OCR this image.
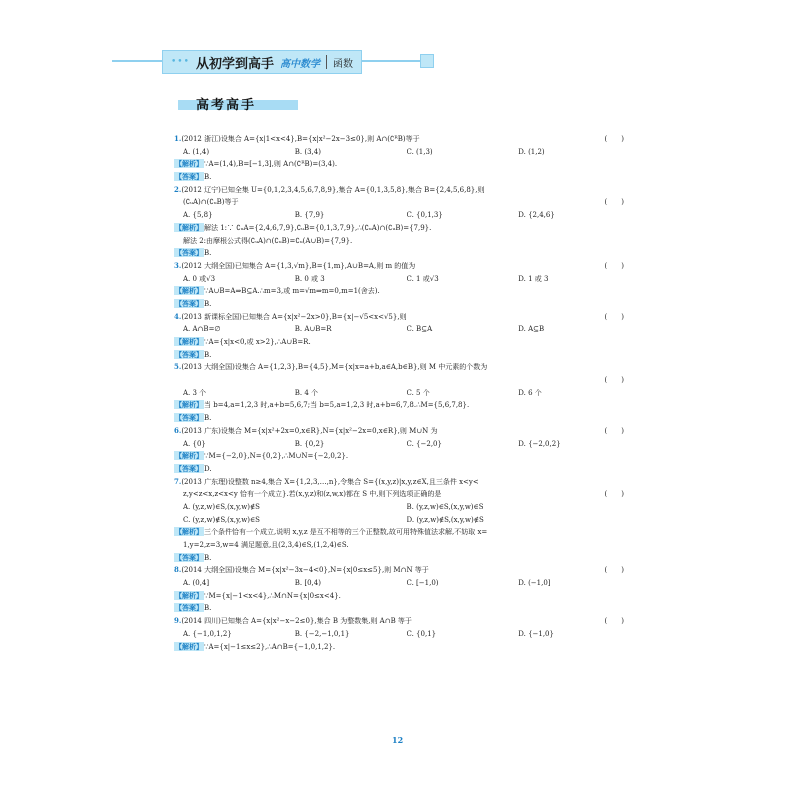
••• 从初学到高手 高中数学 函数
高考高手
1.(2012 浙江)设集合 A={x|1<x<4},B={x|x²−2x−3≤0},则 A∩(∁ᴿB)等于	(　　)
A. (1,4)	B. (3,4)	C. (1,3)	D. (1,2)
【解析】∵A=(1,4),B=[−1,3],则 A∩(∁ᴿB)=(3,4).
【答案】B.
2.(2012 辽宁)已知全集 U={0,1,2,3,4,5,6,7,8,9},集合 A={0,1,3,5,8},集合 B={2,4,5,6,8},则
(∁ᵤA)∩(∁ᵤB)等于	(　　)
A. {5,8}	B. {7,9}	C. {0,1,3}	D. {2,4,6}
【解析】解法 1:∵ ∁ᵤA={2,4,6,7,9},∁ᵤB={0,1,3,7,9},∴(∁ᵤA)∩(∁ᵤB)={7,9}.
解法 2:由摩根公式得(∁ᵤA)∩(∁ᵤB)=∁ᵤ(A∪B)={7,9}.
【答案】B.
3.(2012 大纲全国)已知集合 A={1,3,√m},B={1,m},A∪B=A,则 m 的值为	(　　)
A. 0 或√3	B. 0 或 3	C. 1 或√3	D. 1 或 3
【解析】∵A∪B=A⇒B⊆A.∴m=3,或 m=√m⇒m=0,m=1(舍去).
【答案】B.
4.(2013 新课标全国)已知集合 A={x|x²−2x>0},B={x|−√5<x<√5},则	(　　)
A. A∩B=∅	B. A∪B=R	C. B⊆A	D. A⊆B
【解析】∵A={x|x<0,或 x>2},∴A∪B=R.
【答案】B.
5.(2013 大纲全国)设集合 A={1,2,3},B={4,5},M={x|x=a+b,a∈A,b∈B},则 M 中元素的个数为
(　　)
A. 3 个	B. 4 个	C. 5 个	D. 6 个
【解析】当 b=4,a=1,2,3 时,a+b=5,6,7;当 b=5,a=1,2,3 时,a+b=6,7,8.∴M={5,6,7,8}.
【答案】B.
6.(2013 广东)设集合 M={x|x²+2x=0,x∈R},N={x|x²−2x=0,x∈R},则 M∪N 为	(　　)
A. {0}	B. {0,2}	C. {−2,0}	D. {−2,0,2}
【解析】∵M={−2,0},N={0,2},∴M∪N={−2,0,2}.
【答案】D.
7.(2013 广东理)设整数 n≥4,集合 X={1,2,3,…,n},令集合 S={(x,y,z)|x,y,z∈X,且三条件 x<y<
z,y<z<x,z<x<y 恰有一个成立}.若(x,y,z)和(z,w,x)都在 S 中,则下列选项正确的是	(　　)
A. (y,z,w)∈S,(x,y,w)∉S	B. (y,z,w)∈S,(x,y,w)∈S
C. (y,z,w)∉S,(x,y,w)∈S	D. (y,z,w)∉S,(x,y,w)∉S
【解析】三个条件恰有一个成立,说明 x,y,z 是互不相等的三个正整数,故可用特殊值法求解,不妨取 x=
1,y=2,z=3,w=4 满足题意,且(2,3,4)∈S,(1,2,4)∈S.
【答案】B.
8.(2014 大纲全国)设集合 M={x|x²−3x−4<0},N={x|0≤x≤5},则 M∩N 等于	(　　)
A. (0,4]	B. [0,4)	C. [−1,0)	D. (−1,0]
【解析】∵M={x|−1<x<4},∴M∩N={x|0≤x<4}.
【答案】B.
9.(2014 四川)已知集合 A={x|x²−x−2≤0},集合 B 为整数集,则 A∩B 等于	(　　)
A. {−1,0,1,2}	B. {−2,−1,0,1}	C. {0,1}	D. {−1,0}
【解析】∵A={x|−1≤x≤2},∴A∩B={−1,0,1,2}.
12
